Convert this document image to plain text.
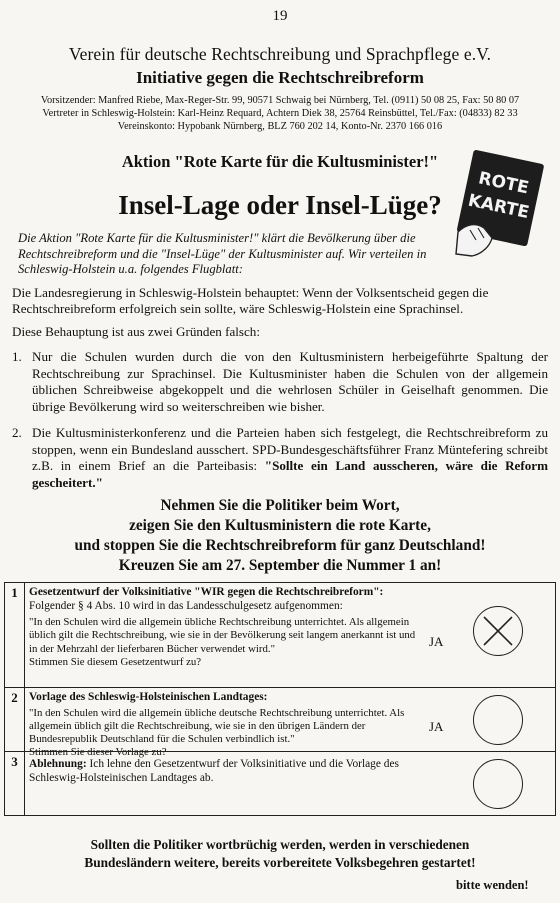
19
Verein für deutsche Rechtschreibung und Sprachpflege e.V.
Initiative gegen die Rechtschreibreform
Vorsitzender: Manfred Riebe, Max-Reger-Str. 99, 90571 Schwaig bei Nürnberg, Tel. (0911) 50 08 25, Fax: 50 80 07
Vertreter in Schleswig-Holstein: Karl-Heinz Requard, Achtern Diek 38, 25764 Reinsbüttel, Tel./Fax: (04833) 82 33
Vereinskonto: Hypobank Nürnberg, BLZ 760 202 14, Konto-Nr. 2370 166 016
Aktion "Rote Karte für die Kultusminister!"
ROTE
KARTE
Insel-Lage oder Insel-Lüge?
Die Aktion "Rote Karte für die Kultusminister!" klärt die Bevölkerung über die Rechtschreibreform und die "Insel-Lüge" der Kultusminister auf. Wir verteilen in Schleswig-Holstein u.a. folgendes Flugblatt:
Die Landesregierung in Schleswig-Holstein behauptet: Wenn der Volksentscheid gegen die Rechtschreibreform erfolgreich sein sollte, wäre Schleswig-Holstein eine Sprachinsel.
Diese Behauptung ist aus zwei Gründen falsch:
1. Nur die Schulen wurden durch die von den Kultusministern herbeigeführte Spaltung der Rechtschreibung zur Sprachinsel. Die Kultusminister haben die Schulen von der allgemein üblichen Schreibweise abgekoppelt und die wehrlosen Schüler in Geiselhaft genommen. Die übrige Bevölkerung wird so weiterschreiben wie bisher.
2. Die Kultusministerkonferenz und die Parteien haben sich festgelegt, die Rechtschreibreform zu stoppen, wenn ein Bundesland ausschert. SPD-Bundesgeschäftsführer Franz Müntefering schreibt z.B. in einem Brief an die Parteibasis: "Sollte ein Land ausscheren, wäre die Reform gescheitert."
Nehmen Sie die Politiker beim Wort,
zeigen Sie den Kultusministern die rote Karte,
und stoppen Sie die Rechtschreibreform für ganz Deutschland!
Kreuzen Sie am 27. September die Nummer 1 an!
1 Gesetzentwurf der Volksinitiative "WIR gegen die Rechtschreibreform": Folgender § 4 Abs. 10 wird in das Landesschulgesetz aufgenommen:
"In den Schulen wird die allgemein übliche Rechtschreibung unterrichtet. Als allgemein üblich gilt die Rechtschreibung, wie sie in der Bevölkerung seit langem anerkannt ist und in der Mehrzahl der lieferbaren Bücher verwendet wird."
Stimmen Sie diesem Gesetzentwurf zu?
JA
2 Vorlage des Schleswig-Holsteinischen Landtages:
"In den Schulen wird die allgemein übliche deutsche Rechtschreibung unterrichtet. Als allgemein üblich gilt die Rechtschreibung, wie sie in den übrigen Ländern der Bundesrepublik Deutschland für die Schulen verbindlich ist."
Stimmen Sie dieser Vorlage zu?
JA
3 Ablehnung: Ich lehne den Gesetzentwurf der Volksinitiative und die Vorlage des Schleswig-Holsteinischen Landtages ab.
Sollten die Politiker wortbrüchig werden, werden in verschiedenen
Bundesländern weitere, bereits vorbereitete Volksbegehren gestartet!
bitte wenden!
